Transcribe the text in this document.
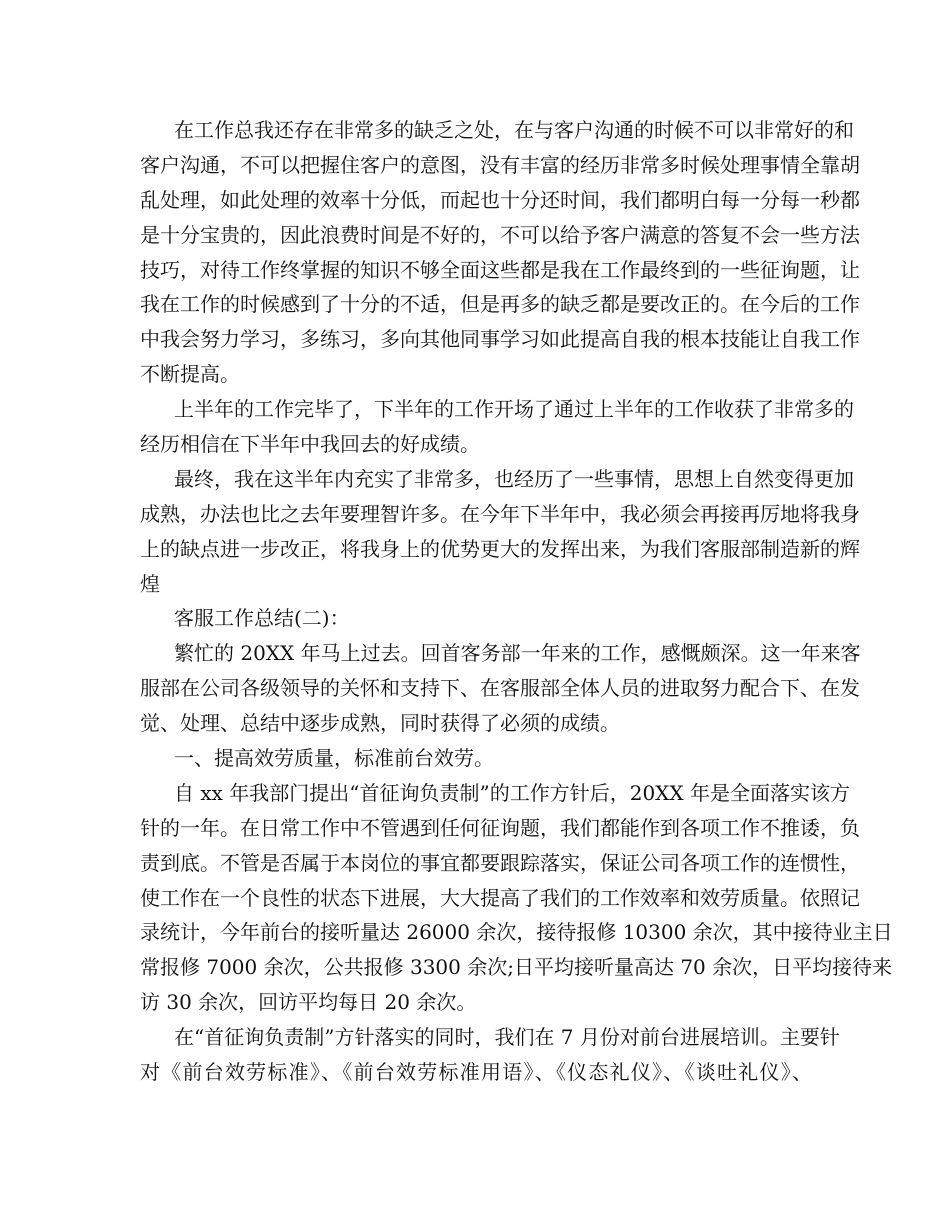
在工作总我还存在非常多的缺乏之处，在与客户沟通的时候不可以非常好的和
客户沟通，不可以把握住客户的意图，没有丰富的经历非常多时候处理事情全靠胡
乱处理，如此处理的效率十分低，而起也十分还时间，我们都明白每一分每一秒都
是十分宝贵的，因此浪费时间是不好的，不可以给予客户满意的答复不会一些方法
技巧，对待工作终掌握的知识不够全面这些都是我在工作最终到的一些征询题，让
我在工作的时候感到了十分的不适，但是再多的缺乏都是要改正的。在今后的工作
中我会努力学习，多练习，多向其他同事学习如此提高自我的根本技能让自我工作
不断提高。
上半年的工作完毕了，下半年的工作开场了通过上半年的工作收获了非常多的
经历相信在下半年中我回去的好成绩。
最终，我在这半年内充实了非常多，也经历了一些事情，思想上自然变得更加
成熟，办法也比之去年要理智许多。在今年下半年中，我必须会再接再厉地将我身
上的缺点进一步改正，将我身上的优势更大的发挥出来，为我们客服部制造新的辉
煌
客服工作总结(二)：
繁忙的 20XX 年马上过去。回首客务部一年来的工作，感慨颇深。这一年来客
服部在公司各级领导的关怀和支持下、在客服部全体人员的进取努力配合下、在发
觉、处理、总结中逐步成熟，同时获得了必须的成绩。
一、提高效劳质量，标准前台效劳。
自 xx 年我部门提出“首征询负责制”的工作方针后，20XX 年是全面落实该方
针的一年。在日常工作中不管遇到任何征询题，我们都能作到各项工作不推诿，负
责到底。不管是否属于本岗位的事宜都要跟踪落实，保证公司各项工作的连惯性，
使工作在一个良性的状态下进展，大大提高了我们的工作效率和效劳质量。依照记
录统计，今年前台的接听量达 26000 余次，接待报修 10300 余次，其中接待业主日
常报修 7000 余次，公共报修 3300 余次;日平均接听量高达 70 余次，日平均接待来
访 30 余次，回访平均每日 20 余次。
在“首征询负责制”方针落实的同时，我们在 7 月份对前台进展培训。主要针
对《前台效劳标准》、《前台效劳标准用语》、《仪态礼仪》、《谈吐礼仪》、
